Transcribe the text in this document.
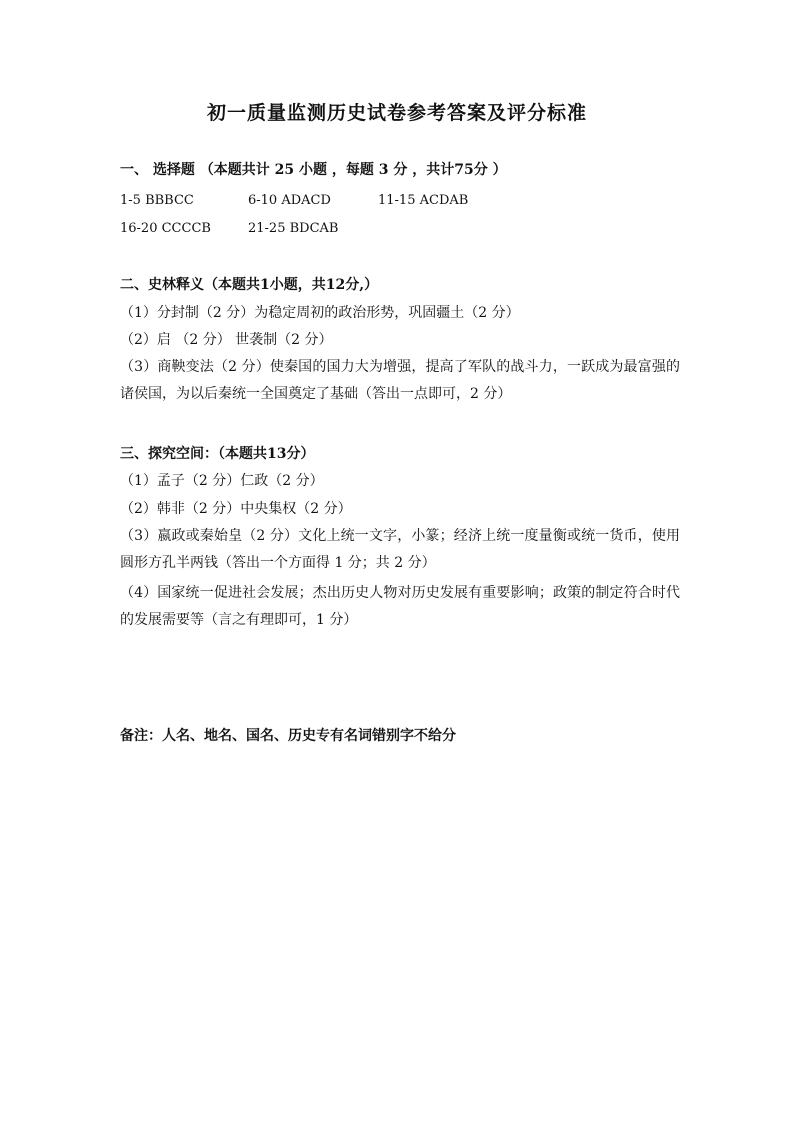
初一质量监测历史试卷参考答案及评分标准
一、 选择题 （本题共计 25 小题 ，每题 3 分 ，共计75分 ）
1-5 BBBCC	6-10 ADACD	11-15 ACDAB
16-20 CCCCB	21-25 BDCAB
二、史林释义（本题共1小题，共12分,）
（1）分封制（2 分）为稳定周初的政治形势，巩固疆土（2 分）
（2）启 （2 分） 世袭制（2 分）
（3）商鞅变法（2 分）使秦国的国力大为增强，提高了军队的战斗力，一跃成为最富强的诸侯国，为以后秦统一全国奠定了基础（答出一点即可，2 分）
三、探究空间：（本题共13分）
（1）孟子（2 分）仁政（2 分）
（2）韩非（2 分）中央集权（2 分）
（3）嬴政或秦始皇（2 分）文化上统一文字，小篆；经济上统一度量衡或统一货币，使用圆形方孔半两钱（答出一个方面得 1 分；共 2 分）
（4）国家统一促进社会发展；杰出历史人物对历史发展有重要影响；政策的制定符合时代的发展需要等（言之有理即可，1 分）
备注：人名、地名、国名、历史专有名词错别字不给分
